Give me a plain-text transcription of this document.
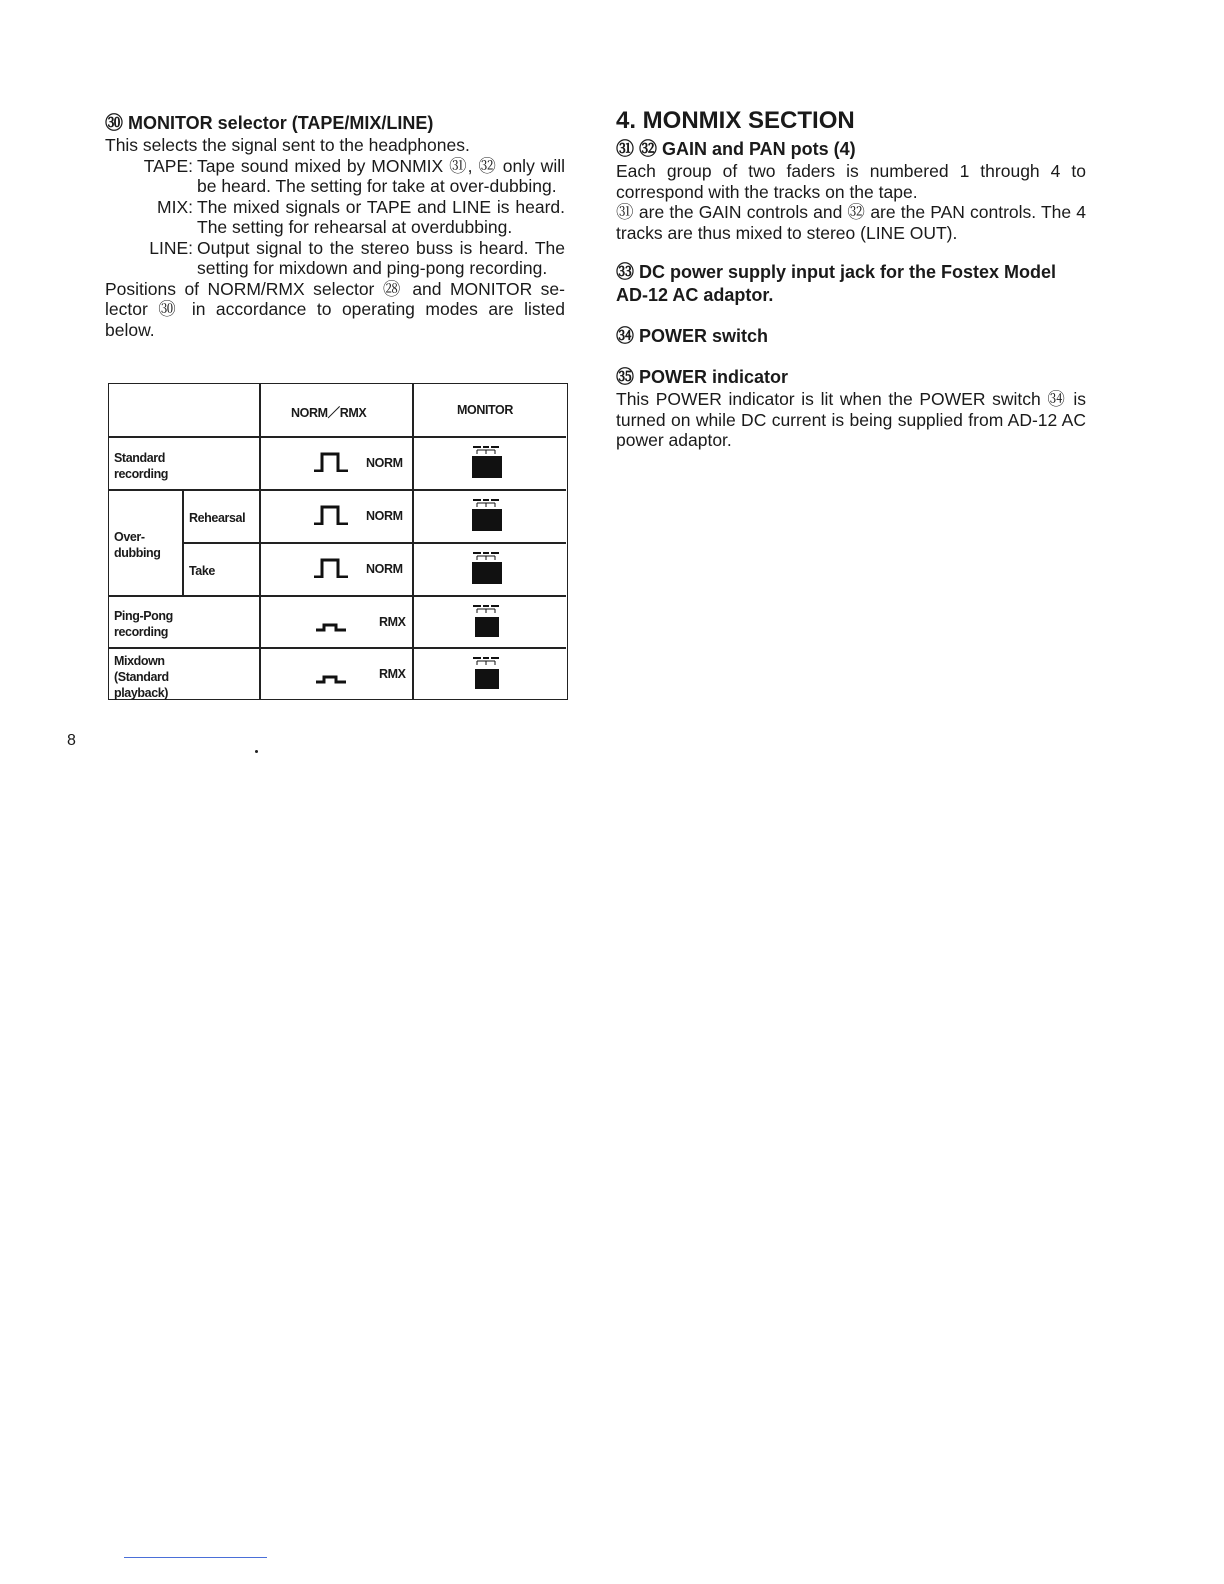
㉚ MONITOR selector (TAPE/MIX/LINE)

This selects the signal sent to the headphones.

TAPE: Tape sound mixed by MONMIX ㉛, ㉜ only will be heard. The setting for take at over-dubbing.
MIX: The mixed signals or TAPE and LINE is heard. The setting for rehearsal at overdubbing.
LINE: Output signal to the stereo buss is heard. The setting for mixdown and ping-pong recording.

Positions of NORM/RMX selector ㉘ and MONITOR se-lector ㉚ in accordance to operating modes are listed below.

NORM／RMX	MONITOR
Standard recording
Over-dubbing
Rehearsal
Take
Ping-Pong recording
Mixdown (Standard playback)
NORM
NORM
NORM
RMX
RMX

4. MONMIX SECTION

㉛ ㉜ GAIN and PAN pots (4)

Each group of two faders is numbered 1 through 4 to correspond with the tracks on the tape.

㉛ are the GAIN controls and ㉜ are the PAN controls. The 4 tracks are thus mixed to stereo (LINE OUT).

㉝ DC power supply input jack for the Fostex Model AD-12 AC adaptor.

㉞ POWER switch

㉟ POWER indicator

This POWER indicator is lit when the POWER switch ㉞ is turned on while DC current is being supplied from AD-12 AC power adaptor.

8
